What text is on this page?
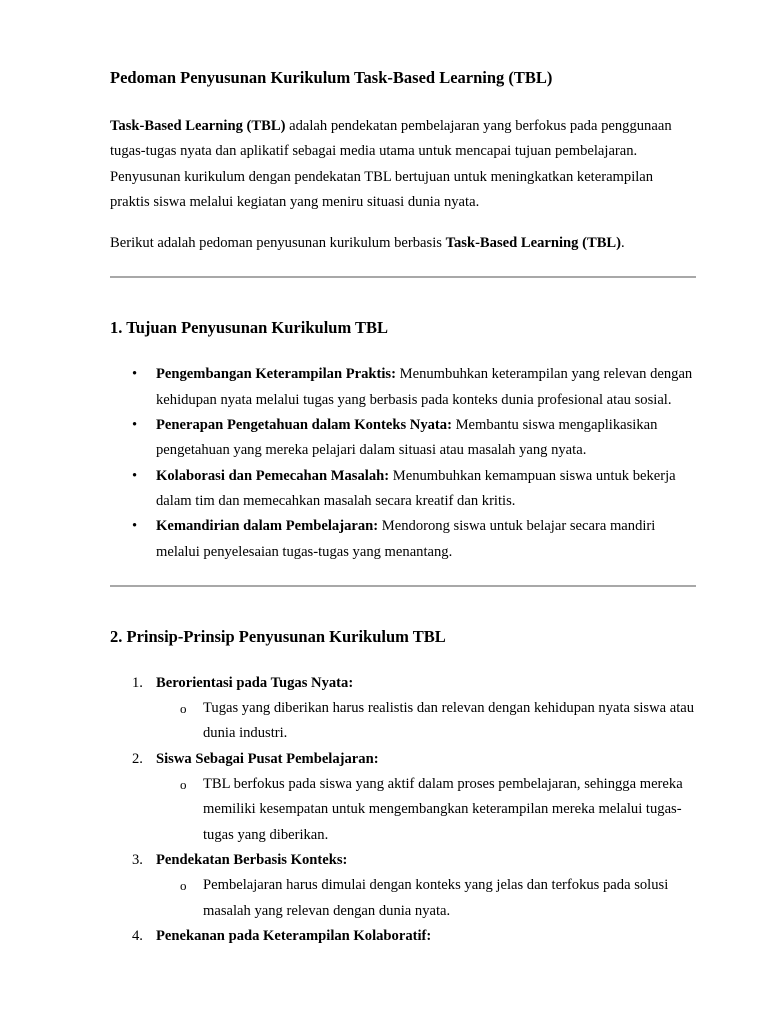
Pedoman Penyusunan Kurikulum Task-Based Learning (TBL)

Task-Based Learning (TBL) adalah pendekatan pembelajaran yang berfokus pada penggunaan tugas-tugas nyata dan aplikatif sebagai media utama untuk mencapai tujuan pembelajaran. Penyusunan kurikulum dengan pendekatan TBL bertujuan untuk meningkatkan keterampilan praktis siswa melalui kegiatan yang meniru situasi dunia nyata.

Berikut adalah pedoman penyusunan kurikulum berbasis Task-Based Learning (TBL).

1. Tujuan Penyusunan Kurikulum TBL
• Pengembangan Keterampilan Praktis: Menumbuhkan keterampilan yang relevan dengan kehidupan nyata melalui tugas yang berbasis pada konteks dunia profesional atau sosial.
• Penerapan Pengetahuan dalam Konteks Nyata: Membantu siswa mengaplikasikan pengetahuan yang mereka pelajari dalam situasi atau masalah yang nyata.
• Kolaborasi dan Pemecahan Masalah: Menumbuhkan kemampuan siswa untuk bekerja dalam tim dan memecahkan masalah secara kreatif dan kritis.
• Kemandirian dalam Pembelajaran: Mendorong siswa untuk belajar secara mandiri melalui penyelesaian tugas-tugas yang menantang.
2. Prinsip-Prinsip Penyusunan Kurikulum TBL
1. Berorientasi pada Tugas Nyata:
o Tugas yang diberikan harus realistis dan relevan dengan kehidupan nyata siswa atau dunia industri.
2. Siswa Sebagai Pusat Pembelajaran:
o TBL berfokus pada siswa yang aktif dalam proses pembelajaran, sehingga mereka memiliki kesempatan untuk mengembangkan keterampilan mereka melalui tugas-tugas yang diberikan.
3. Pendekatan Berbasis Konteks:
o Pembelajaran harus dimulai dengan konteks yang jelas dan terfokus pada solusi masalah yang relevan dengan dunia nyata.
4. Penekanan pada Keterampilan Kolaboratif:
